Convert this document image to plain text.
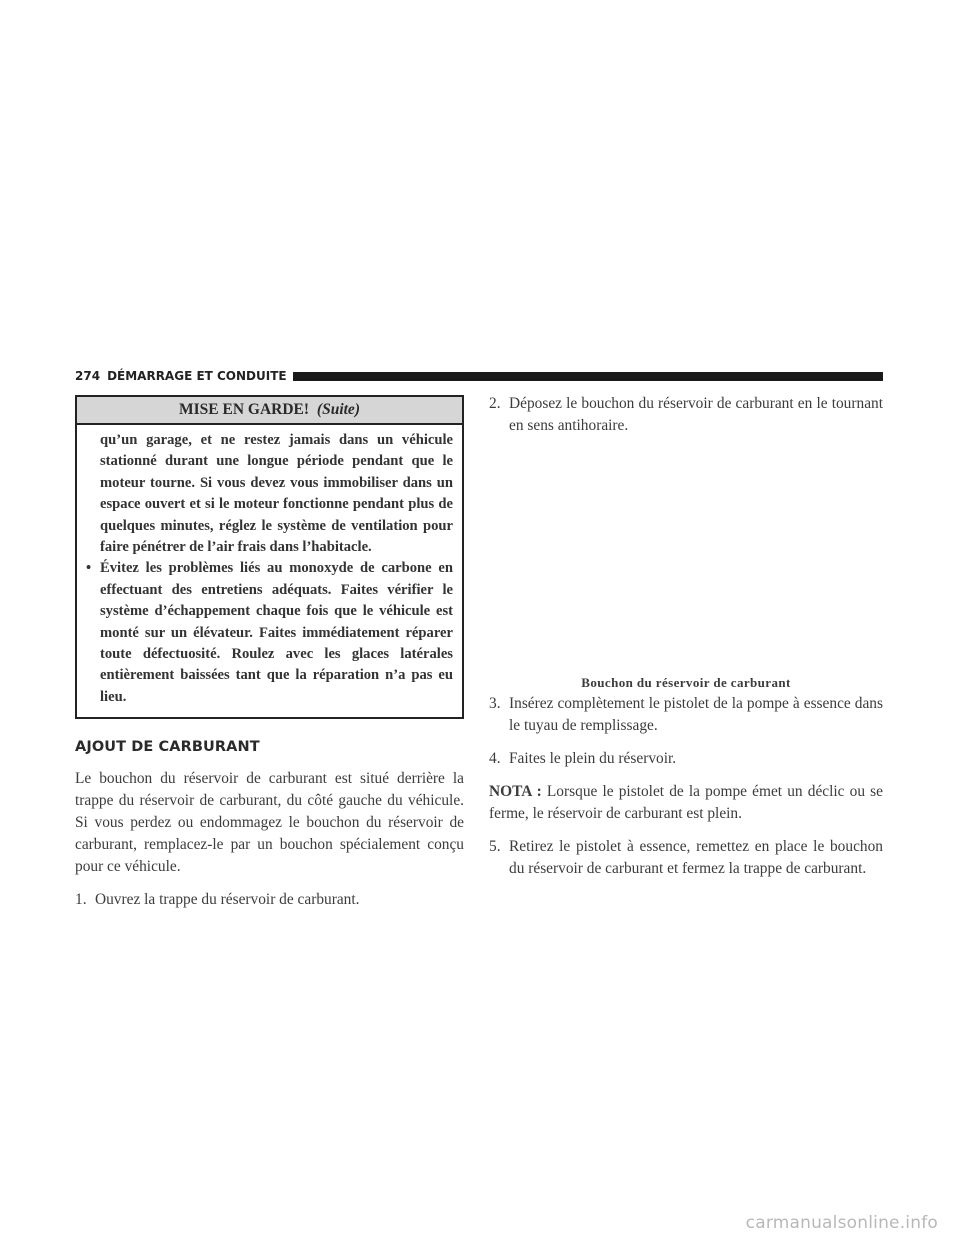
274 DÉMARRAGE ET CONDUITE
MISE EN GARDE! (Suite)
qu’un garage, et ne restez jamais dans un véhicule stationné durant une longue période pendant que le moteur tourne. Si vous devez vous immobiliser dans un espace ouvert et si le moteur fonctionne pendant plus de quelques minutes, réglez le système de ventilation pour faire pénétrer de l’air frais dans l’habitacle.
• Évitez les problèmes liés au monoxyde de carbone en effectuant des entretiens adéquats. Faites vérifier le système d’échappement chaque fois que le véhicule est monté sur un élévateur. Faites immédiatement réparer toute défectuosité. Roulez avec les glaces latérales entièrement baissées tant que la réparation n’a pas eu lieu.
AJOUT DE CARBURANT

Le bouchon du réservoir de carburant est situé derrière la trappe du réservoir de carburant, du côté gauche du véhicule. Si vous perdez ou endommagez le bouchon du réservoir de carburant, remplacez-le par un bouchon spécialement conçu pour ce véhicule.

1. Ouvrez la trappe du réservoir de carburant.
2. Déposez le bouchon du réservoir de carburant en le tournant en sens antihoraire.
Bouchon du réservoir de carburant
3. Insérez complètement le pistolet de la pompe à essence dans le tuyau de remplissage.
4. Faites le plein du réservoir.

NOTA : Lorsque le pistolet de la pompe émet un déclic ou se ferme, le réservoir de carburant est plein.

5. Retirez le pistolet à essence, remettez en place le bouchon du réservoir de carburant et fermez la trappe de carburant.
carmanualsonline.info
